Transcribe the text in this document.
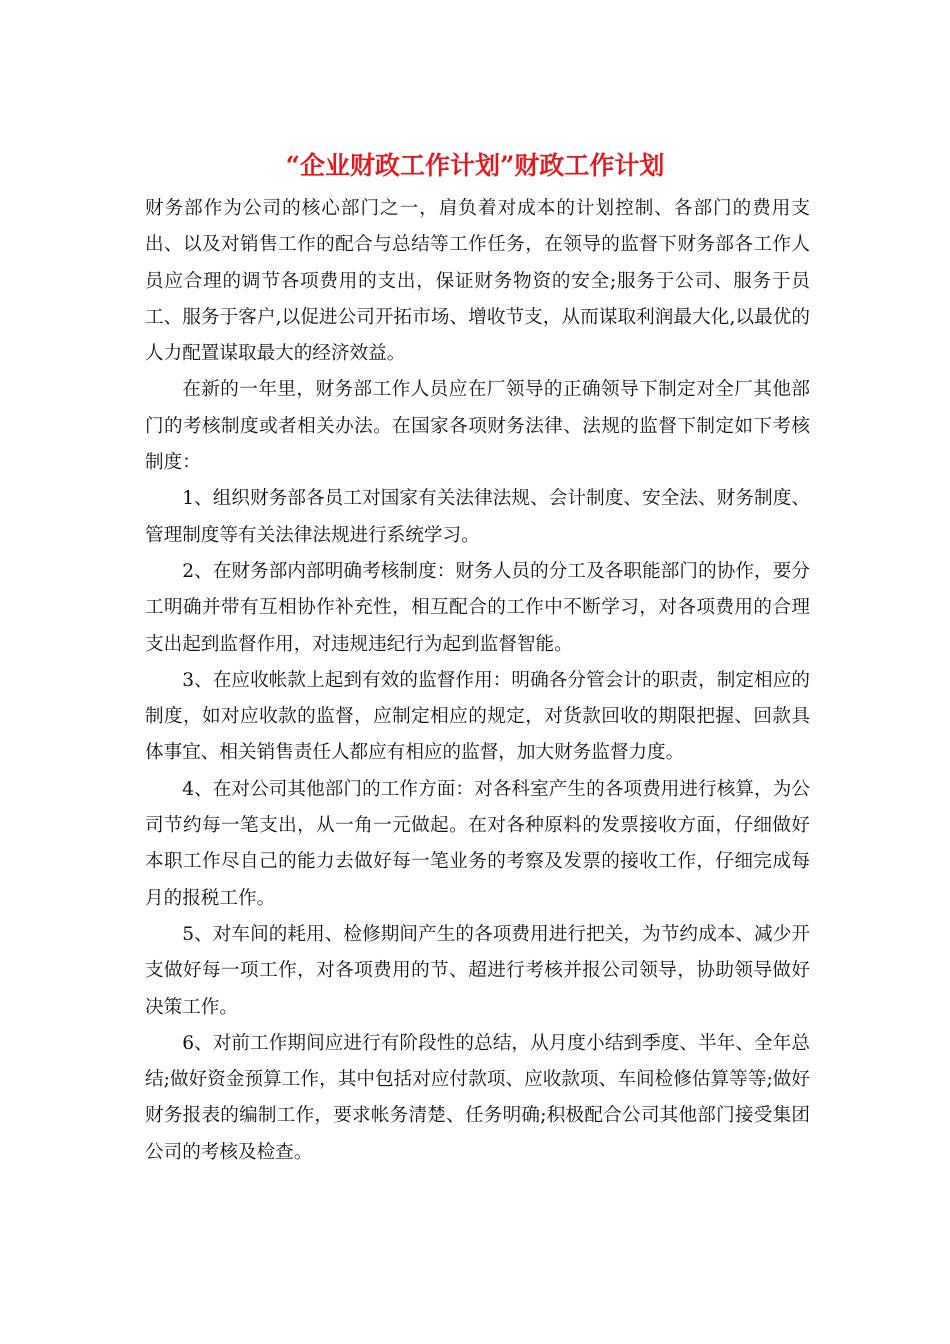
“企业财政工作计划”财政工作计划

财务部作为公司的核心部门之一，肩负着对成本的计划控制、各部门的费用支出、以及对销售工作的配合与总结等工作任务，在领导的监督下财务部各工作人员应合理的调节各项费用的支出，保证财务物资的安全;服务于公司、服务于员工、服务于客户,以促进公司开拓市场、增收节支，从而谋取利润最大化,以最优的人力配置谋取最大的经济效益。

在新的一年里，财务部工作人员应在厂领导的正确领导下制定对全厂其他部门的考核制度或者相关办法。在国家各项财务法律、法规的监督下制定如下考核制度：

1、组织财务部各员工对国家有关法律法规、会计制度、安全法、财务制度、管理制度等有关法律法规进行系统学习。

2、在财务部内部明确考核制度：财务人员的分工及各职能部门的协作，要分工明确并带有互相协作补充性，相互配合的工作中不断学习，对各项费用的合理支出起到监督作用，对违规违纪行为起到监督智能。

3、在应收帐款上起到有效的监督作用：明确各分管会计的职责，制定相应的制度，如对应收款的监督，应制定相应的规定，对货款回收的期限把握、回款具体事宜、相关销售责任人都应有相应的监督，加大财务监督力度。

4、在对公司其他部门的工作方面：对各科室产生的各项费用进行核算，为公司节约每一笔支出，从一角一元做起。在对各种原料的发票接收方面，仔细做好本职工作尽自己的能力去做好每一笔业务的考察及发票的接收工作，仔细完成每月的报税工作。

5、对车间的耗用、检修期间产生的各项费用进行把关，为节约成本、减少开支做好每一项工作，对各项费用的节、超进行考核并报公司领导，协助领导做好决策工作。

6、对前工作期间应进行有阶段性的总结，从月度小结到季度、半年、全年总结;做好资金预算工作，其中包括对应付款项、应收款项、车间检修估算等等;做好财务报表的编制工作，要求帐务清楚、任务明确;积极配合公司其他部门接受集团公司的考核及检查。
